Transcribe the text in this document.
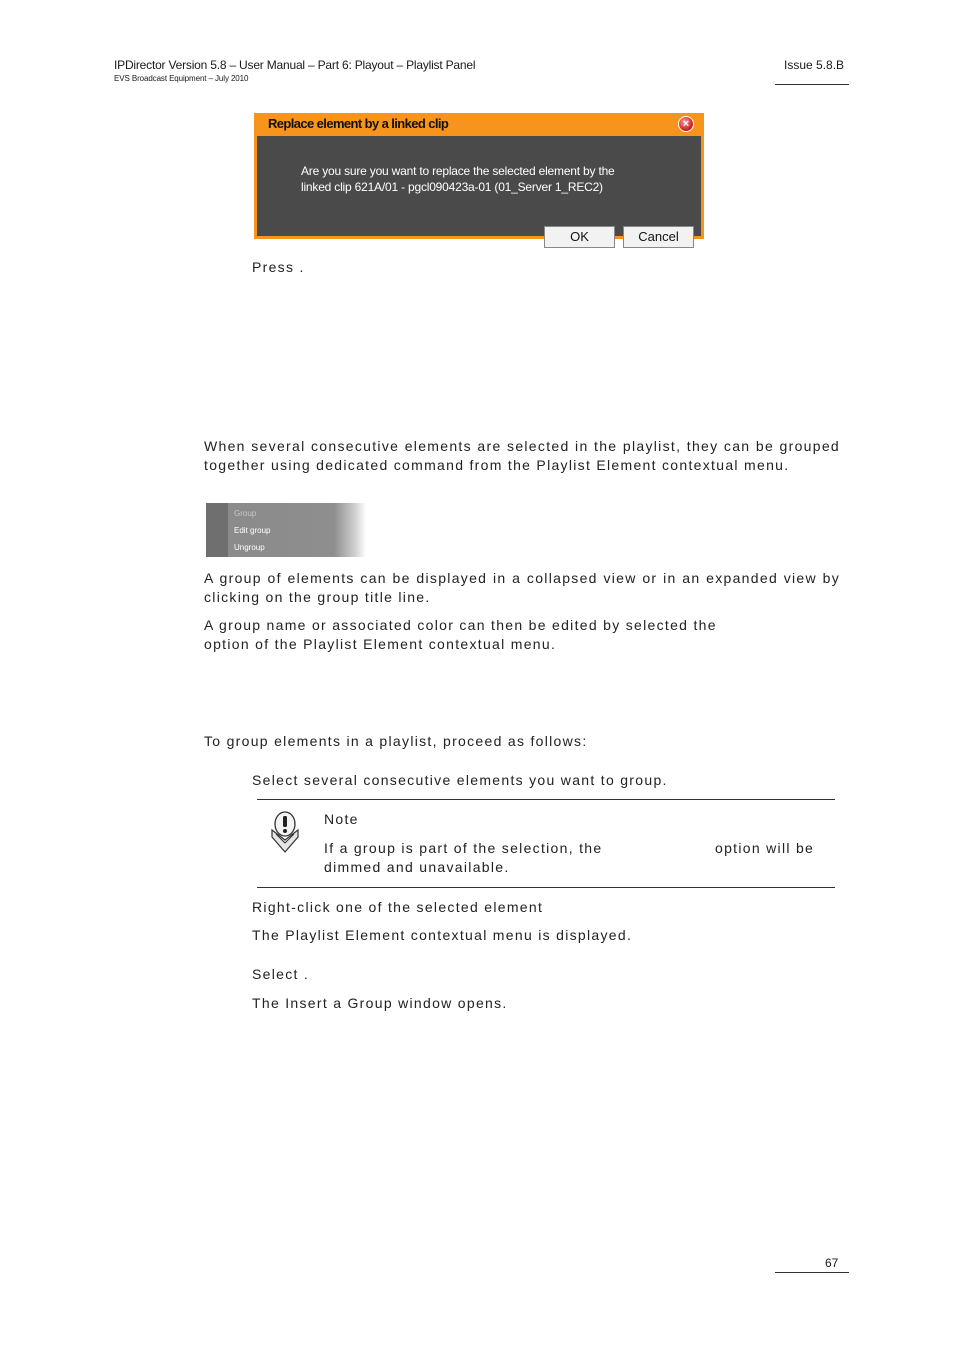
IPDirector Version 5.8 – User Manual – Part 6: Playout – Playlist Panel
EVS Broadcast Equipment – July 2010
Issue 5.8.B
Replace element by a linked clip	×
Are you sure you want to replace the selected element by the
linked clip 621A/01 - pgcl090423a-01 (01_Server 1_REC2)
OK	Cancel
Press .
When several consecutive elements are selected in the playlist, they can be grouped together using dedicated command from the Playlist Element contextual menu.
Group
Edit group
Ungroup
A group of elements can be displayed in a collapsed view or in an expanded view by clicking on the group title line.
A group name or associated color can then be edited by selected the
option of the Playlist Element contextual menu.
To group elements in a playlist, proceed as follows:
Select several consecutive elements you want to group.
Note
If a group is part of the selection, the	option will be
dimmed and unavailable.
Right-click one of the selected element
The Playlist Element contextual menu is displayed.
Select .
The Insert a Group window opens.
67
